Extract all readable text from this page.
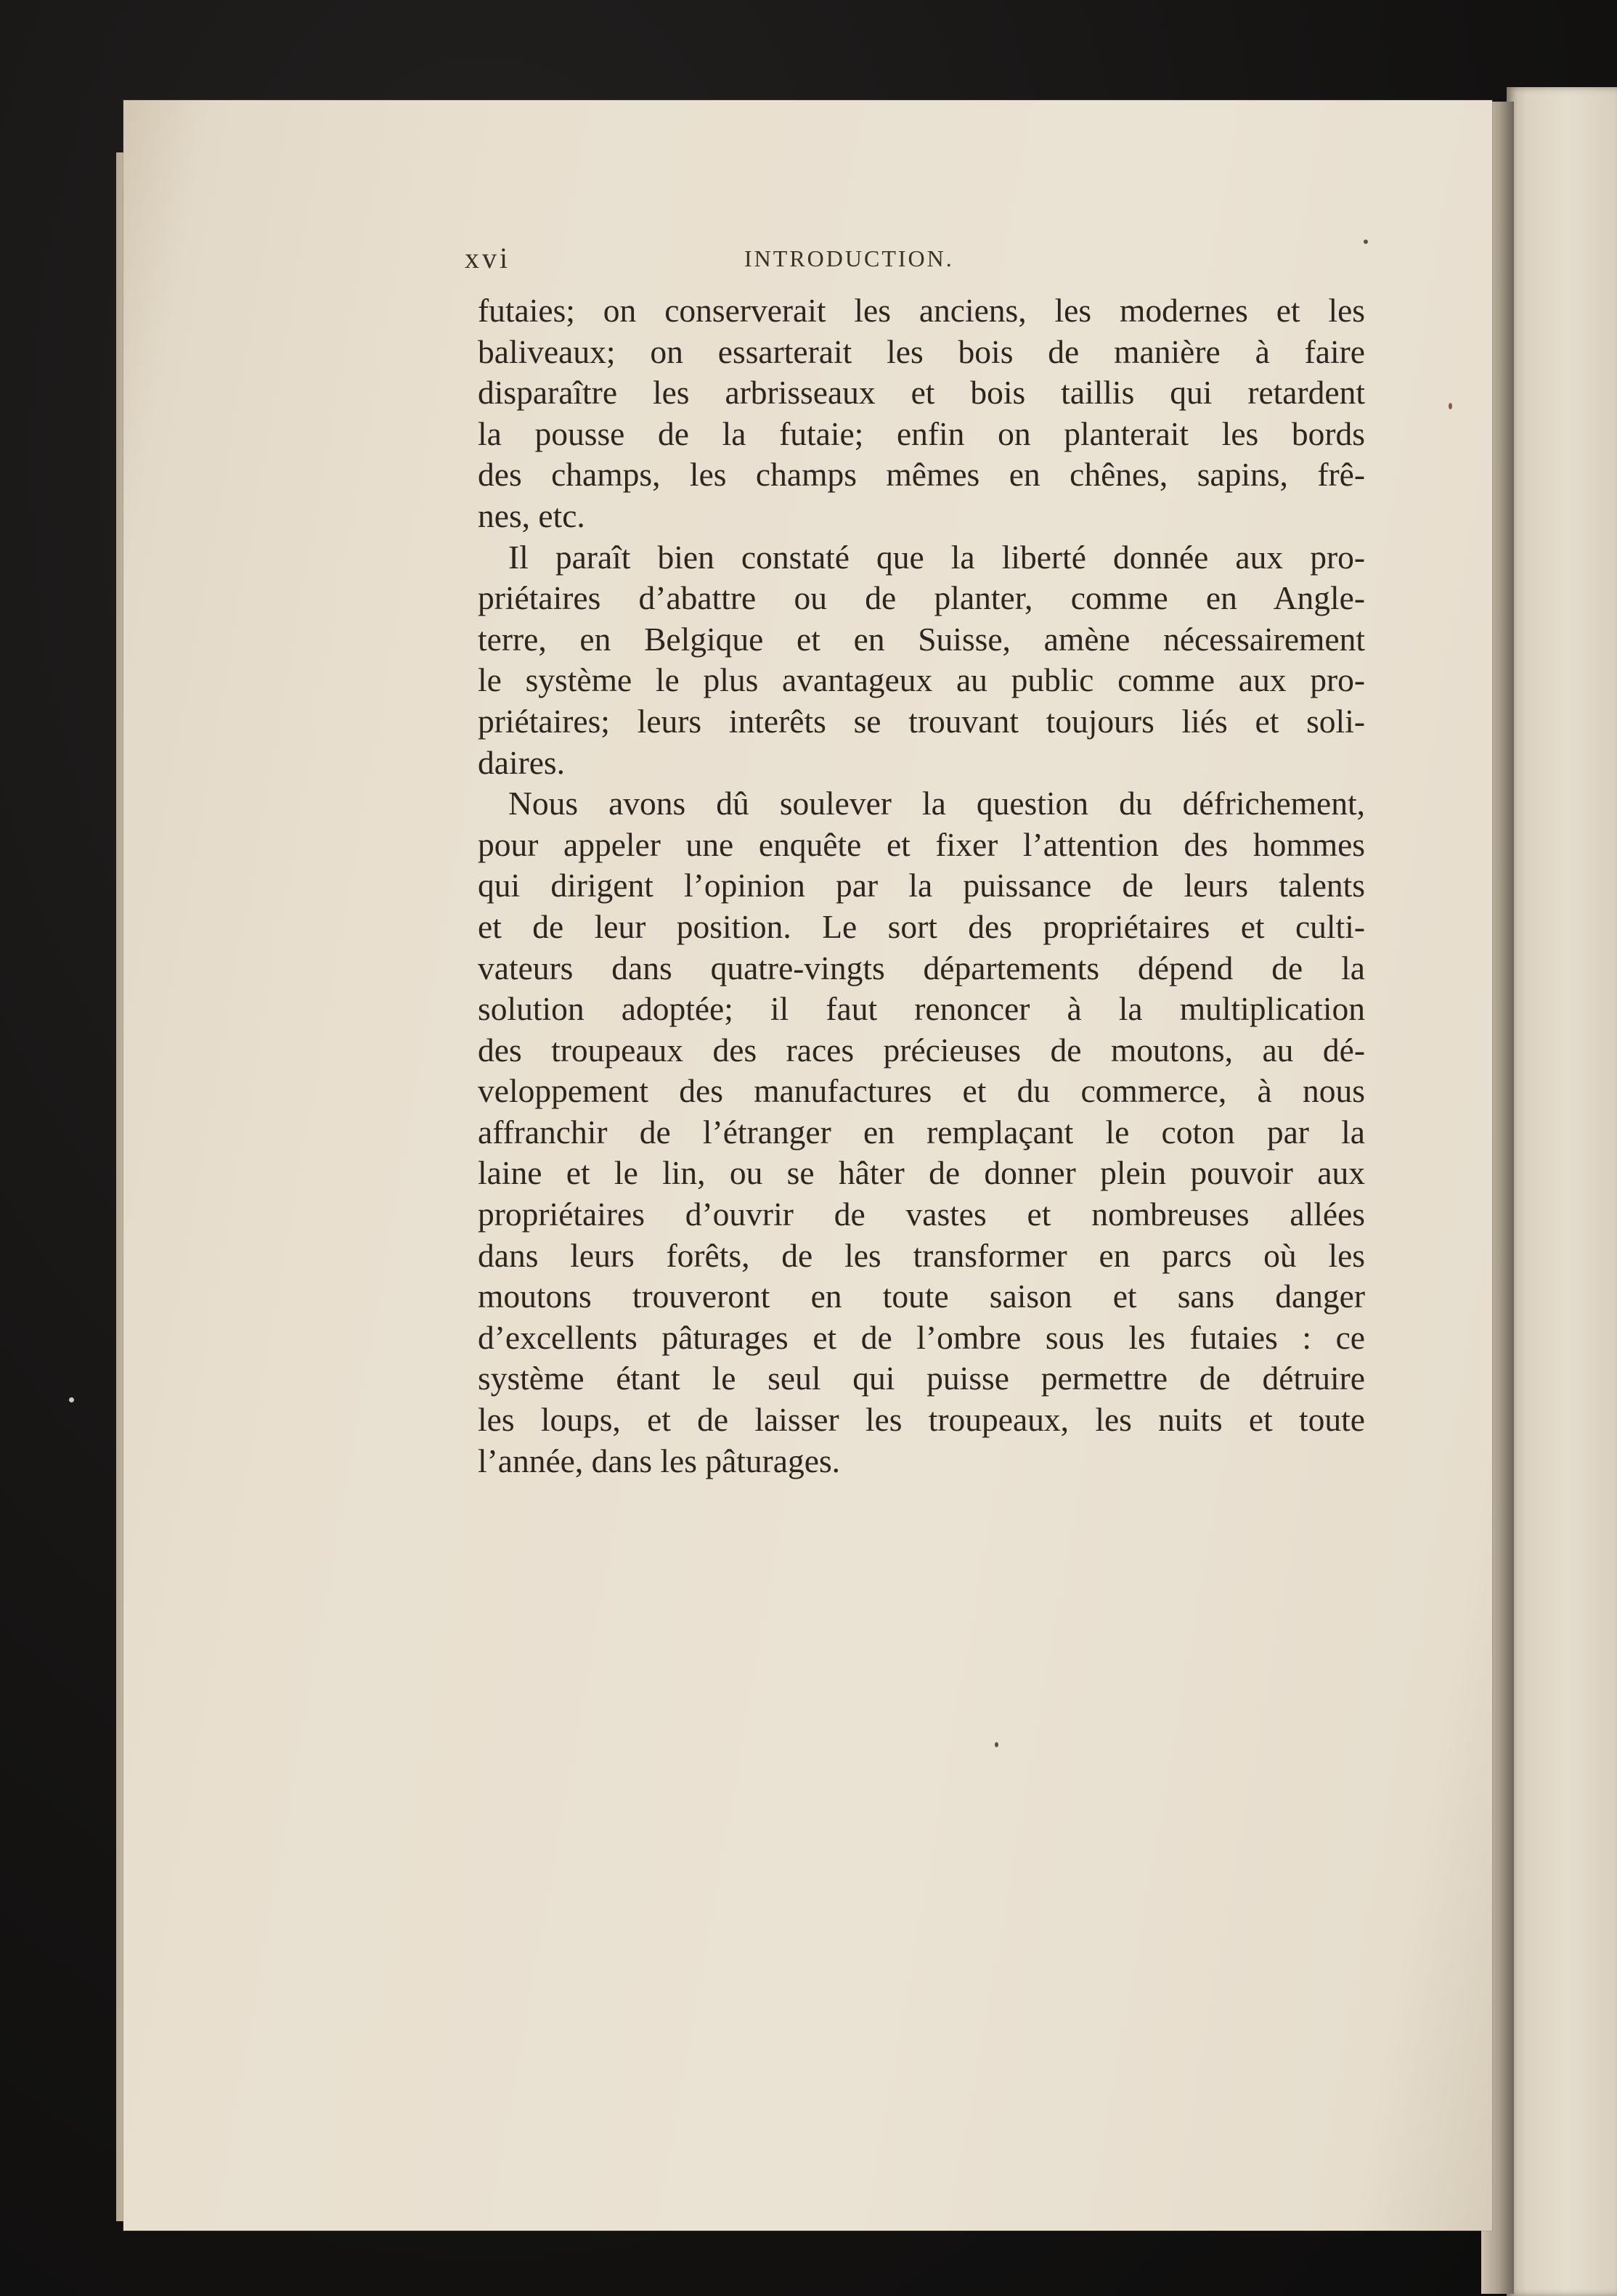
xvi	INTRODUCTION.
futaies; on conserverait les anciens, les modernes et les
baliveaux; on essarterait les bois de manière à faire
disparaître les arbrisseaux et bois taillis qui retardent
la pousse de la futaie; enfin on planterait les bords
des champs, les champs mêmes en chênes, sapins, frê-
nes, etc.
Il paraît bien constaté que la liberté donnée aux pro-
priétaires d’abattre ou de planter, comme en Angle-
terre, en Belgique et en Suisse, amène nécessairement
le système le plus avantageux au public comme aux pro-
priétaires; leurs interêts se trouvant toujours liés et soli-
daires.
Nous avons dû soulever la question du défrichement,
pour appeler une enquête et fixer l’attention des hommes
qui dirigent l’opinion par la puissance de leurs talents
et de leur position. Le sort des propriétaires et culti-
vateurs dans quatre-vingts départements dépend de la
solution adoptée; il faut renoncer à la multiplication
des troupeaux des races précieuses de moutons, au dé-
veloppement des manufactures et du commerce, à nous
affranchir de l’étranger en remplaçant le coton par la
laine et le lin, ou se hâter de donner plein pouvoir aux
propriétaires d’ouvrir de vastes et nombreuses allées
dans leurs forêts, de les transformer en parcs où les
moutons trouveront en toute saison et sans danger
d’excellents pâturages et de l’ombre sous les futaies : ce
système étant le seul qui puisse permettre de détruire
les loups, et de laisser les troupeaux, les nuits et toute
l’année, dans les pâturages.
